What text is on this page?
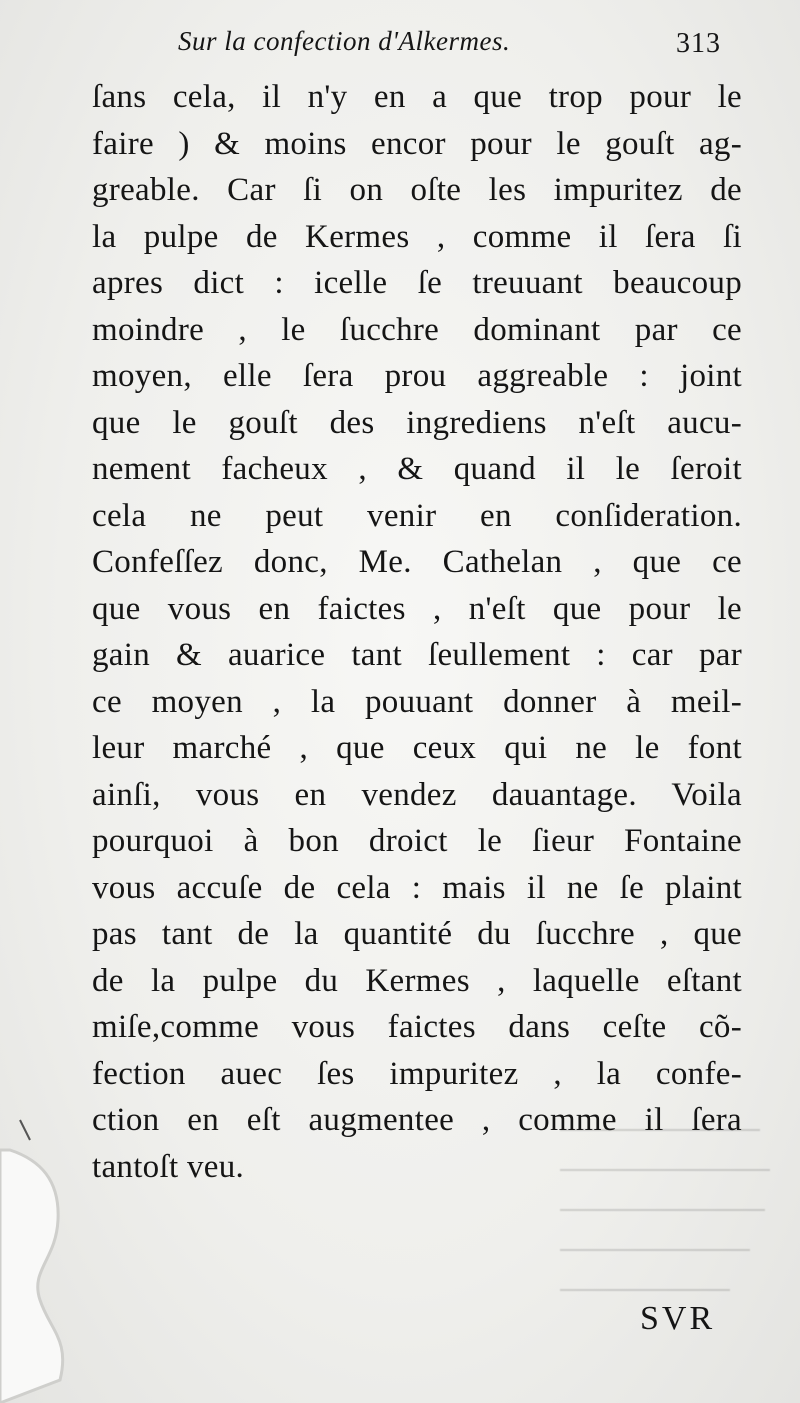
Sur la confection d'Alkermes.	313
ſans cela, il n'y en a que trop pour le
faire ) & moins encor pour le gouſt ag-
greable. Car ſi on oſte les impuritez de
la pulpe de Kermes , comme il ſera ſi
apres dict : icelle ſe treuuant beaucoup
moindre , le ſucchre dominant par ce
moyen, elle ſera prou aggreable : joint
que le gouſt des ingrediens n'eſt aucu-
nement facheux , & quand il le ſeroit
cela ne peut venir en conſideration.
Confeſſez donc, Me. Cathelan , que ce
que vous en faictes , n'eſt que pour le
gain & auarice tant ſeullement : car par
ce moyen , la pouuant donner à meil-
leur marché , que ceux qui ne le font
ainſi, vous en vendez dauantage. Voila
pourquoi à bon droict le ſieur Fontaine
vous accuſe de cela : mais il ne ſe plaint
pas tant de la quantité du ſucchre , que
de la pulpe du Kermes , laquelle eſtant
miſe,comme vous faictes dans ceſte cõ-
fection auec ſes impuritez , la confe-
ction en eſt augmentee , comme il ſera
tantoſt veu.
SVR
